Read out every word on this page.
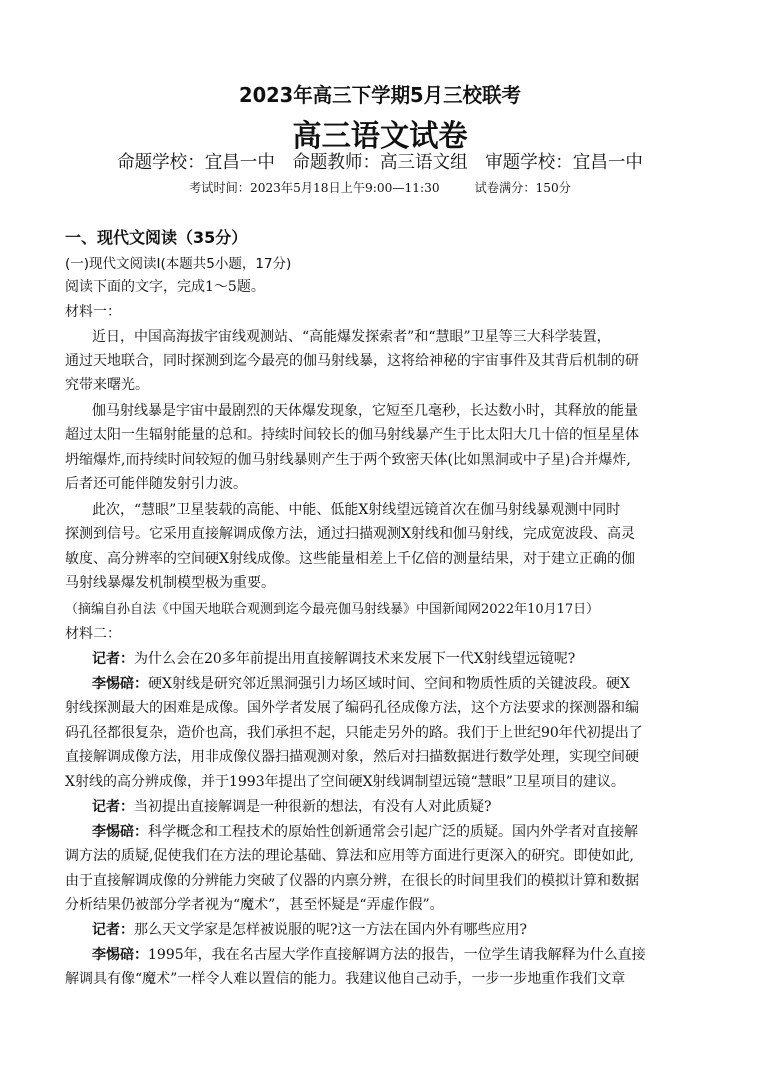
2023年高三下学期5月三校联考
高三语文试卷
命题学校：宜昌一中 命题教师：高三语文组 审题学校：宜昌一中
考试时间：2023年5月18日上午9:00—11:30	试卷满分：150分
一、现代文阅读（35分）
(一)现代文阅读Ⅰ(本题共5小题，17分)
阅读下面的文字，完成1～5题。
材料一：
近日，中国高海拔宇宙线观测站、“高能爆发探索者”和“慧眼”卫星等三大科学装置，
通过天地联合，同时探测到迄今最亮的伽马射线暴，这将给神秘的宇宙事件及其背后机制的研
究带来曙光。
伽马射线暴是宇宙中最剧烈的天体爆发现象，它短至几毫秒，长达数小时，其释放的能量
超过太阳一生辐射能量的总和。持续时间较长的伽马射线暴产生于比太阳大几十倍的恒星星体
坍缩爆炸,而持续时间较短的伽马射线暴则产生于两个致密天体(比如黑洞或中子星)合并爆炸,
后者还可能伴随发射引力波。
此次，“慧眼”卫星装载的高能、中能、低能X射线望远镜首次在伽马射线暴观测中同时
探测到信号。它采用直接解调成像方法，通过扫描观测X射线和伽马射线，完成宽波段、高灵
敏度、高分辨率的空间硬X射线成像。这些能量相差上千亿倍的测量结果，对于建立正确的伽
马射线暴爆发机制模型极为重要。
（摘编自孙自法《中国天地联合观测到迄今最亮伽马射线暴》中国新闻网2022年10月17日）
材料二：
记者：为什么会在20多年前提出用直接解调技术来发展下一代X射线望远镜呢?
李惕碚：硬X射线是研究邻近黑洞强引力场区域时间、空间和物质性质的关键波段。硬X
射线探测最大的困难是成像。国外学者发展了编码孔径成像方法，这个方法要求的探测器和编
码孔径都很复杂，造价也高，我们承担不起，只能走另外的路。我们于上世纪90年代初提出了
直接解调成像方法，用非成像仪器扫描观测对象，然后对扫描数据进行数学处理，实现空间硬
X射线的高分辨成像，并于1993年提出了空间硬X射线调制望远镜“慧眼”卫星项目的建议。
记者：当初提出直接解调是一种很新的想法，有没有人对此质疑?
李惕碚：科学概念和工程技术的原始性创新通常会引起广泛的质疑。国内外学者对直接解
调方法的质疑,促使我们在方法的理论基础、算法和应用等方面进行更深入的研究。即使如此,
由于直接解调成像的分辨能力突破了仪器的内禀分辨，在很长的时间里我们的模拟计算和数据
分析结果仍被部分学者视为“魔术”，甚至怀疑是“弄虚作假”。
记者：那么天文学家是怎样被说服的呢?这一方法在国内外有哪些应用?
李惕碚：1995年，我在名古屋大学作直接解调方法的报告，一位学生请我解释为什么直接
解调具有像“魔术”一样令人难以置信的能力。我建议他自己动手，一步一步地重作我们文章
